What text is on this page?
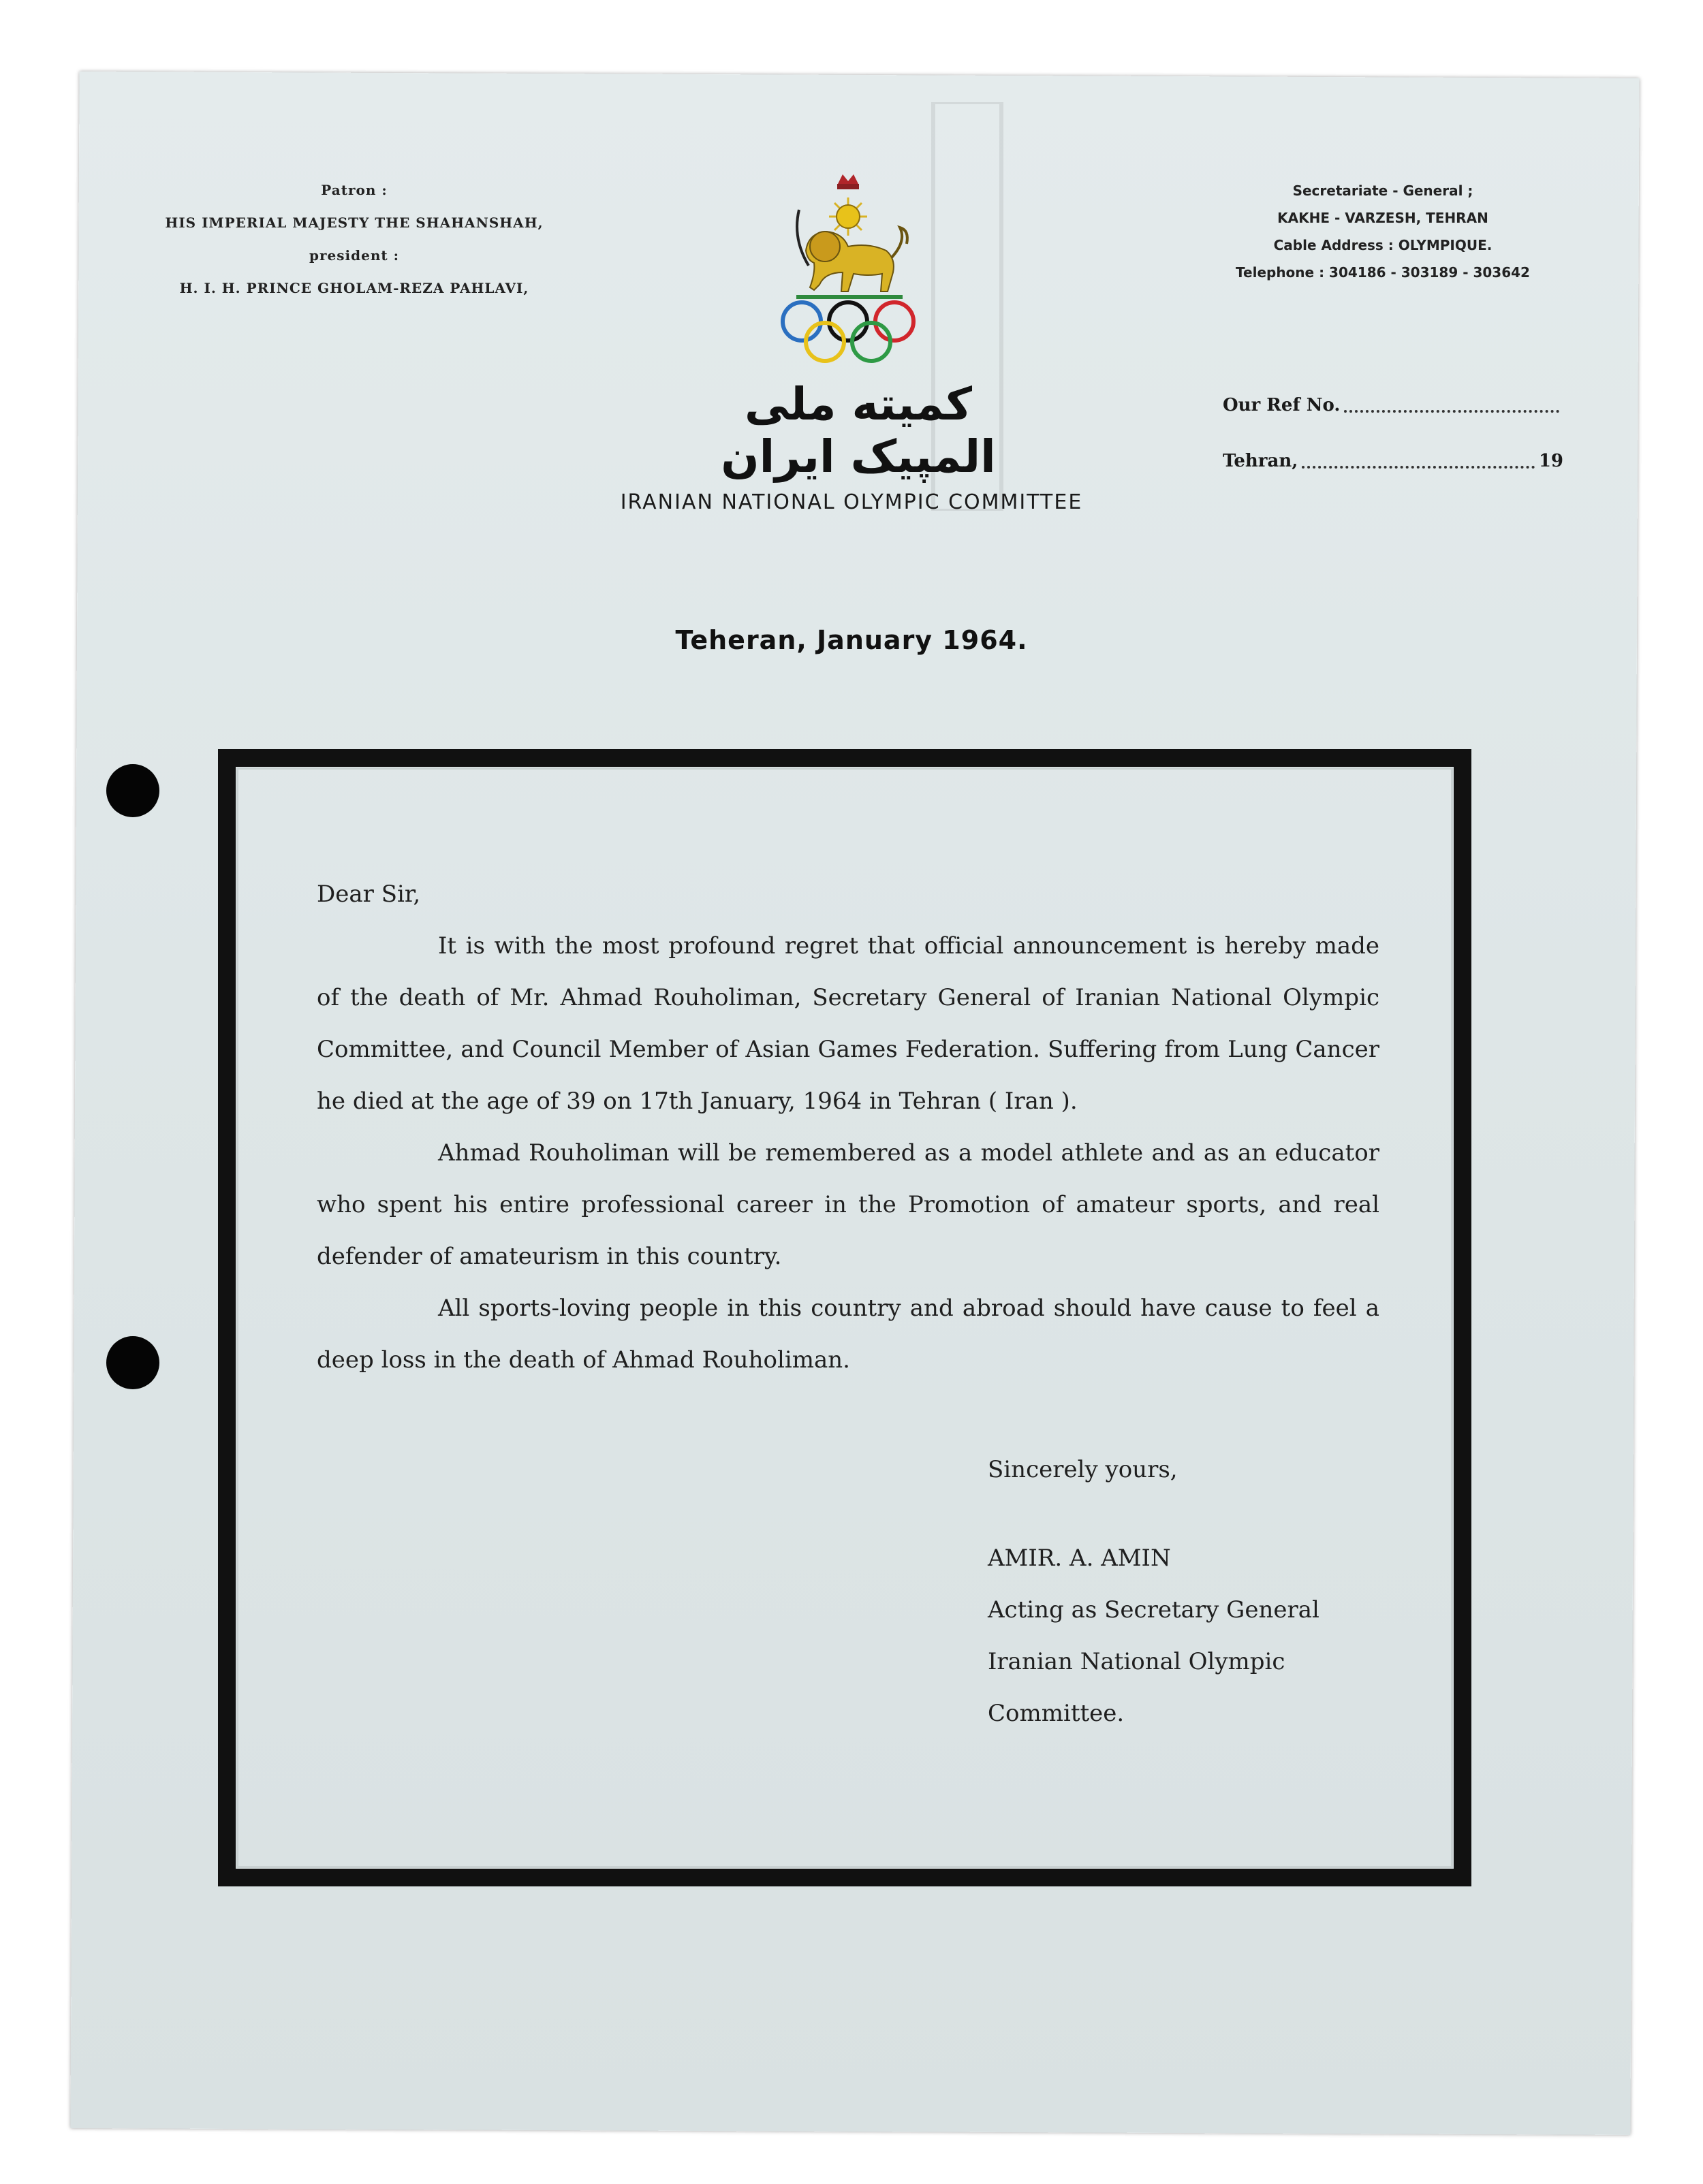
Patron :
HIS IMPERIAL MAJESTY THE SHAHANSHAH,
president :
H. I. H. PRINCE GHOLAM-REZA PAHLAVI,
کمیته ملی المپیک ایران
IRANIAN NATIONAL OLYMPIC COMMITTEE
Secretariate - General ;
KAKHE - VARZESH, TEHRAN
Cable Address : OLYMPIQUE.
Telephone : 304186 - 303189 - 303642
Our Ref No.
Tehran,	19
Teheran, January 1964.
Dear Sir,

It is with the most profound regret that official announcement is hereby made of the death of Mr. Ahmad Rouholiman, Secretary General of Iranian National Olympic Committee, and Council Member of Asian Games Federation. Suffering from Lung Cancer he died at the age of 39 on 17th January, 1964 in Tehran ( Iran ).

Ahmad Rouholiman will be remembered as a model athlete and as an educator who spent his entire professional career in the Promotion of amateur sports, and real defender of amateurism in this country.

All sports-loving people in this country and abroad should have cause to feel a deep loss in the death of Ahmad Rouholiman.

Sincerely yours,
AMIR. A. AMIN
Acting as Secretary General
Iranian National Olympic
Committee.
